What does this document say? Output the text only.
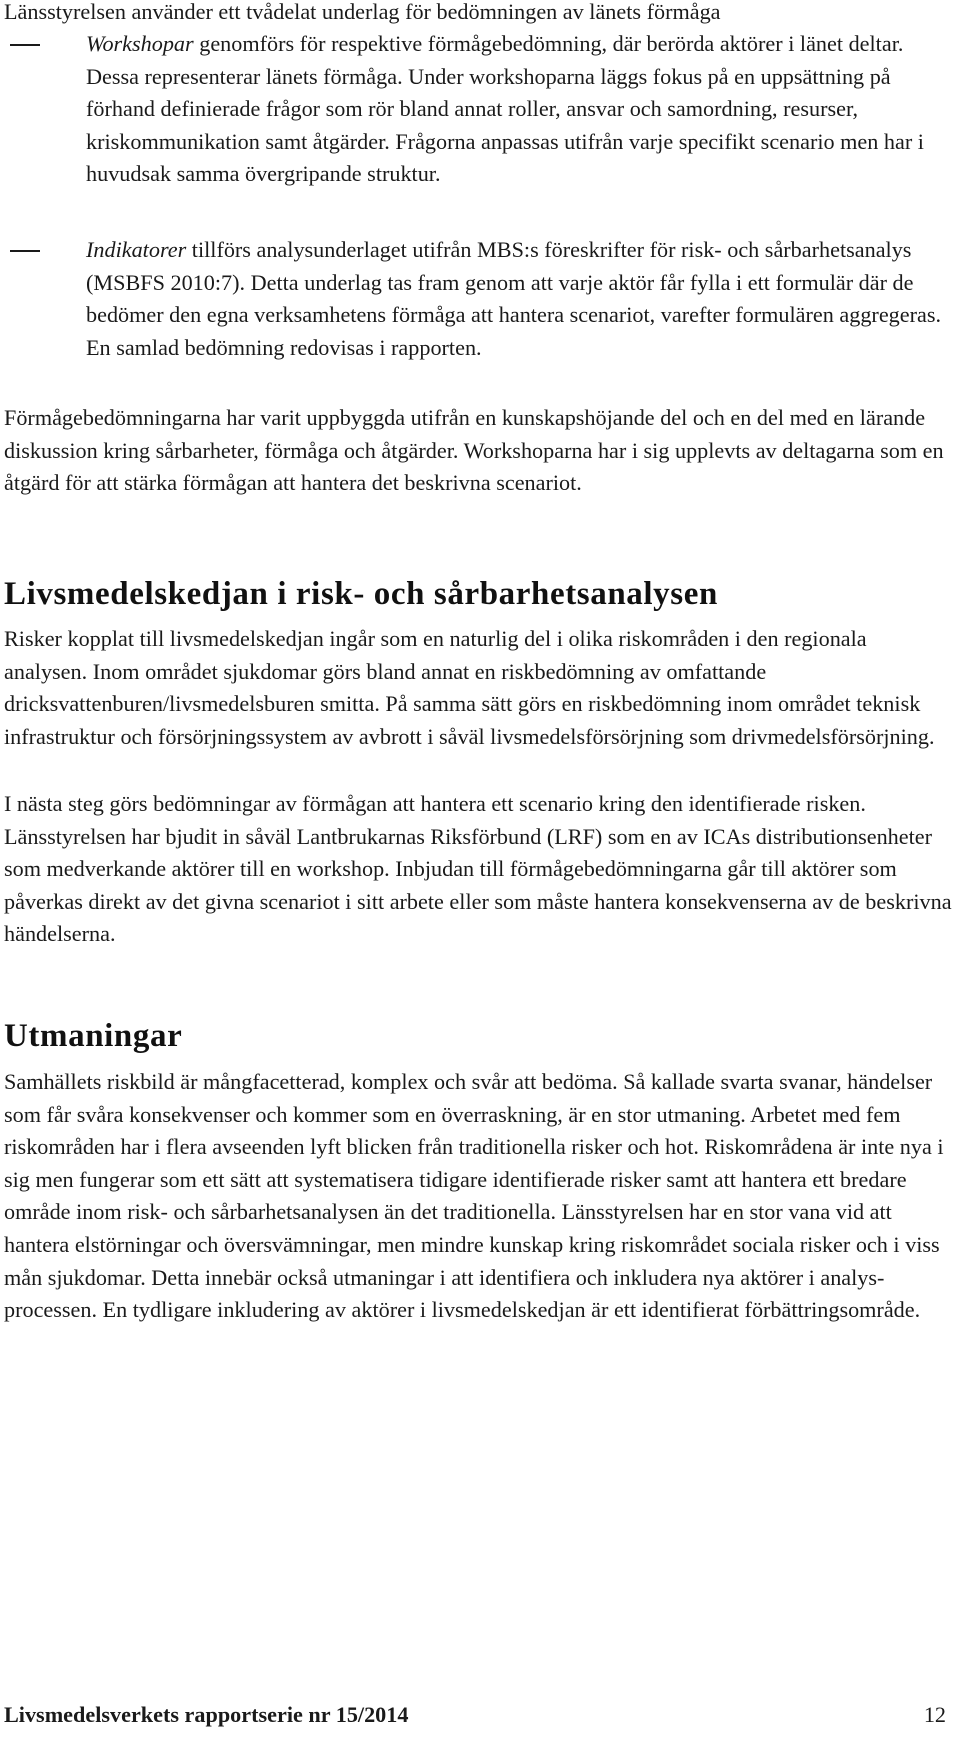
Länsstyrelsen använder ett tvådelat underlag för bedömningen av länets förmåga

Workshopar genomförs för respektive förmågebedömning, där berörda aktörer i länet deltar. Dessa representerar länets förmåga. Under workshoparna läggs fokus på en uppsättning på förhand definierade frågor som rör bland annat roller, ansvar och samordning, resurser, kriskommunikation samt åtgärder. Frågorna anpassas utifrån varje specifikt scenario men har i huvudsak samma övergripande struktur.

Indikatorer tillförs analysunderlaget utifrån MBS:s föreskrifter för risk- och sårbarhetsanalys (MSBFS 2010:7). Detta underlag tas fram genom att varje aktör får fylla i ett formulär där de bedömer den egna verksamhetens förmåga att hantera scenariot, varefter formulären aggregeras. En samlad bedömning redovisas i rapporten.

Förmågebedömningarna har varit uppbyggda utifrån en kunskapshöjande del och en del med en lärande diskussion kring sårbarheter, förmåga och åtgärder. Workshoparna har i sig upplevts av deltagarna som en åtgärd för att stärka förmågan att hantera det beskrivna scenariot.

Livsmedelskedjan i risk- och sårbarhetsanalysen

Risker kopplat till livsmedelskedjan ingår som en naturlig del i olika riskområden i den regionala analysen. Inom området sjukdomar görs bland annat en riskbedömning av omfattande dricksvattenburen/livsmedelsburen smitta. På samma sätt görs en riskbedömning inom området teknisk infrastruktur och försörjningssystem av avbrott i såväl livsmedelsförsörjning som drivmedelsförsörjning.

I nästa steg görs bedömningar av förmågan att hantera ett scenario kring den identifierade risken. Länsstyrelsen har bjudit in såväl Lantbrukarnas Riksförbund (LRF) som en av ICAs distributionsenheter som medverkande aktörer till en workshop. Inbjudan till förmågebedömningarna går till aktörer som påverkas direkt av det givna scenariot i sitt arbete eller som måste hantera konsekvenserna av de beskrivna händelserna.

Utmaningar

Samhällets riskbild är mångfacetterad, komplex och svår att bedöma. Så kallade svarta svanar, händelser som får svåra konsekvenser och kommer som en överraskning, är en stor utmaning. Arbetet med fem riskområden har i flera avseenden lyft blicken från traditionella risker och hot. Riskområdena är inte nya i sig men fungerar som ett sätt att systematisera tidigare identifierade risker samt att hantera ett bredare område inom risk- och sårbarhetsanalysen än det traditionella. Länsstyrelsen har en stor vana vid att hantera elstörningar och översvämningar, men mindre kunskap kring riskområdet sociala risker och i viss mån sjukdomar. Detta innebär också utmaningar i att identifiera och inkludera nya aktörer i analysprocessen. En tydligare inkludering av aktörer i livsmedelskedjan är ett identifierat förbättringsområde.

Livsmedelsverkets rapportserie nr 15/2014	12
